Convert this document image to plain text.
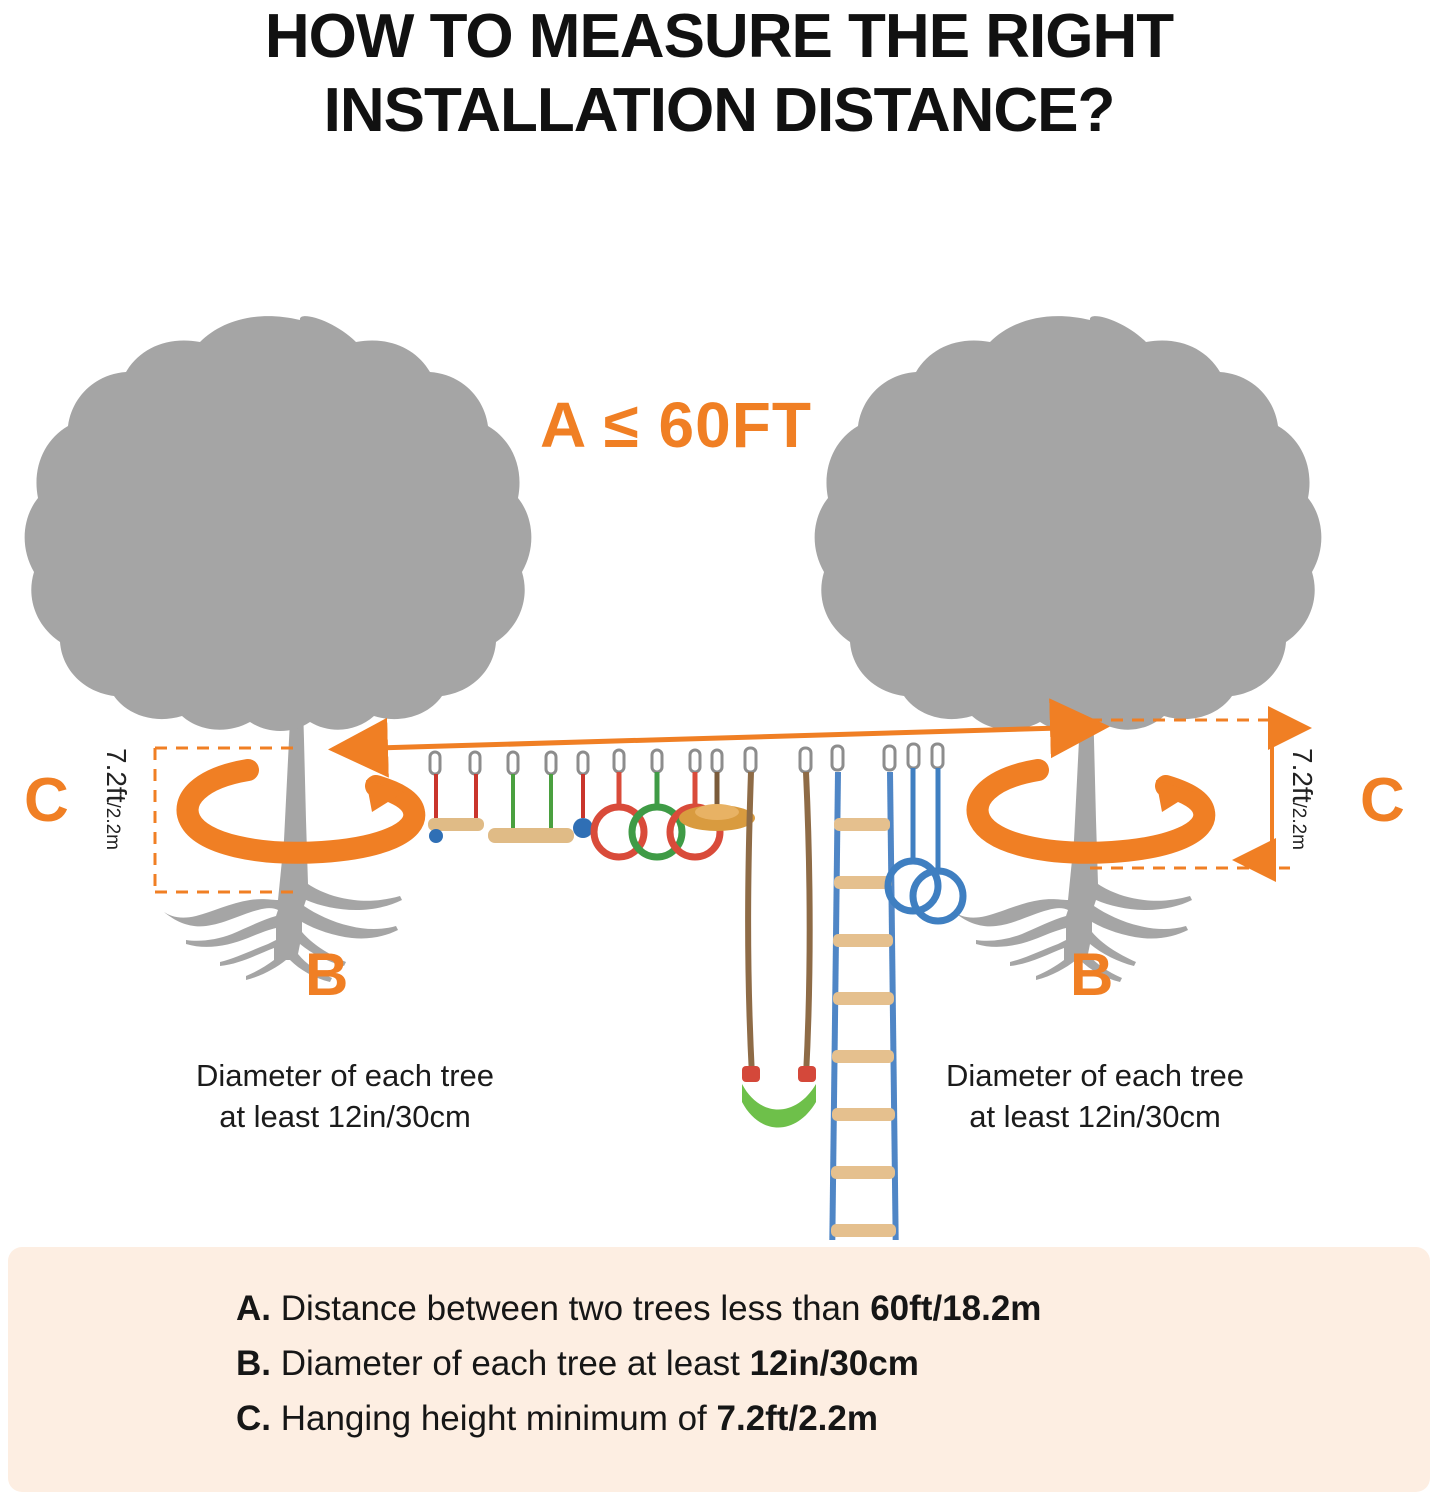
HOW TO MEASURE THE RIGHT
INSTALLATION DISTANCE?
A ≤ 60FT
C	C
7.2ft/2.2m
7.2ft/2.2m
B	B
Diameter of each tree
at least 12in/30cm
Diameter of each tree
at least 12in/30cm
A. Distance between two trees less than 60ft/18.2m
B. Diameter of each tree at least 12in/30cm
C. Hanging height minimum of 7.2ft/2.2m
